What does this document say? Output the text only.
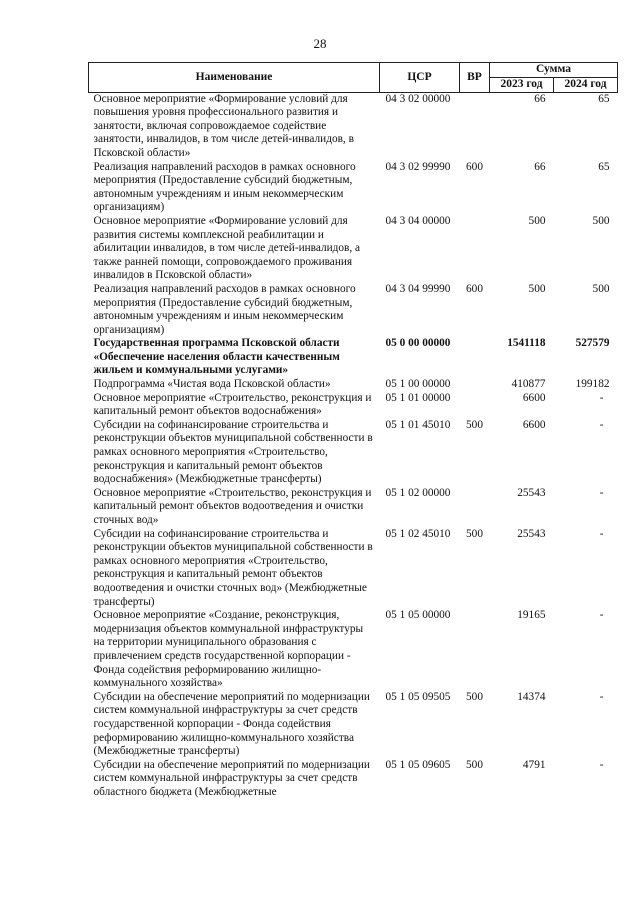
28
Наименование	ЦСР	ВР	Сумма	
			2023 год	2024 год
Основное мероприятие «Формирование условий для повышения уровня профессионального развития и занятости, включая сопровождаемое содействие занятости, инвалидов, в том числе детей-инвалидов, в Псковской области»	04 3 02 00000		66	65
Реализация направлений расходов в рамках основного мероприятия (Предоставление субсидий бюджетным, автономным учреждениям и иным некоммерческим организациям)	04 3 02 99990	600	66	65
Основное мероприятие «Формирование условий для развития системы комплексной реабилитации и абилитации инвалидов, в том числе детей-инвалидов, а также ранней помощи, сопровождаемого проживания инвалидов в Псковской области»	04 3 04 00000		500	500
Реализация направлений расходов в рамках основного мероприятия (Предоставление субсидий бюджетным, автономным учреждениям и иным некоммерческим организациям)	04 3 04 99990	600	500	500
Государственная программа Псковской области «Обеспечение населения области качественным жильем и коммунальными услугами»	05 0 00 00000		1541118	527579
Подпрограмма «Чистая вода Псковской области»	05 1 00 00000		410877	199182
Основное мероприятие «Строительство, реконструкция и капитальный ремонт объектов водоснабжения»	05 1 01 00000		6600	-
Субсидии на софинансирование строительства и реконструкции объектов муниципальной собственности в рамках основного мероприятия «Строительство, реконструкция и капитальный ремонт объектов водоснабжения» (Межбюджетные трансферты)	05 1 01 45010	500	6600	-
Основное мероприятие «Строительство, реконструкция и капитальный ремонт объектов водоотведения и очистки сточных вод»	05 1 02 00000		25543	-
Субсидии на софинансирование строительства и реконструкции объектов муниципальной собственности в рамках основного мероприятия «Строительство, реконструкция и капитальный ремонт объектов водоотведения и очистки сточных вод» (Межбюджетные трансферты)	05 1 02 45010	500	25543	-
Основное мероприятие «Создание, реконструкция, модернизация объектов коммунальной инфраструктуры на территории муниципального образования с привлечением средств государственной корпорации - Фонда содействия реформированию жилищно-коммунального хозяйства»	05 1 05 00000		19165	-
Субсидии на обеспечение мероприятий по модернизации систем коммунальной инфраструктуры за счет средств государственной корпорации - Фонда содействия реформированию жилищно-коммунального хозяйства (Межбюджетные трансферты)	05 1 05 09505	500	14374	-
Субсидии на обеспечение мероприятий по модернизации систем коммунальной инфраструктуры за счет средств областного бюджета (Межбюджетные	05 1 05 09605	500	4791	-
